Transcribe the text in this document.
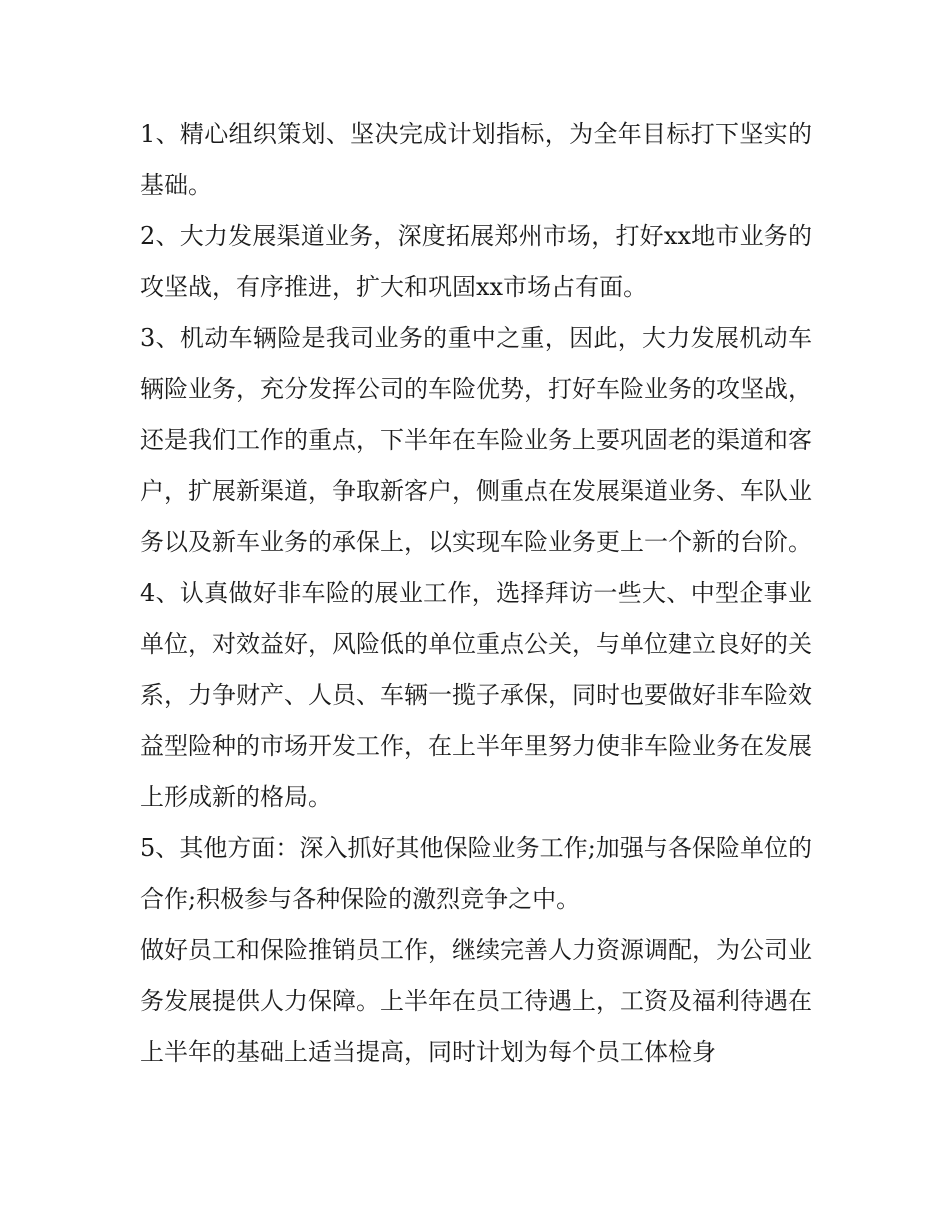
1、精心组织策划、坚决完成计划指标，为全年目标打下坚实的基础。

2、大力发展渠道业务，深度拓展郑州市场，打好xx地市业务的攻坚战，有序推进，扩大和巩固xx市场占有面。

3、机动车辆险是我司业务的重中之重，因此，大力发展机动车辆险业务，充分发挥公司的车险优势，打好车险业务的攻坚战，还是我们工作的重点，下半年在车险业务上要巩固老的渠道和客户，扩展新渠道，争取新客户，侧重点在发展渠道业务、车队业务以及新车业务的承保上，以实现车险业务更上一个新的台阶。

4、认真做好非车险的展业工作，选择拜访一些大、中型企事业单位，对效益好，风险低的单位重点公关，与单位建立良好的关系，力争财产、人员、车辆一揽子承保，同时也要做好非车险效益型险种的市场开发工作，在上半年里努力使非车险业务在发展上形成新的格局。

5、其他方面：深入抓好其他保险业务工作;加强与各保险单位的合作;积极参与各种保险的激烈竞争之中。

做好员工和保险推销员工作，继续完善人力资源调配，为公司业务发展提供人力保障。上半年在员工待遇上，工资及福利待遇在上半年的基础上适当提高，同时计划为每个员工体检身
